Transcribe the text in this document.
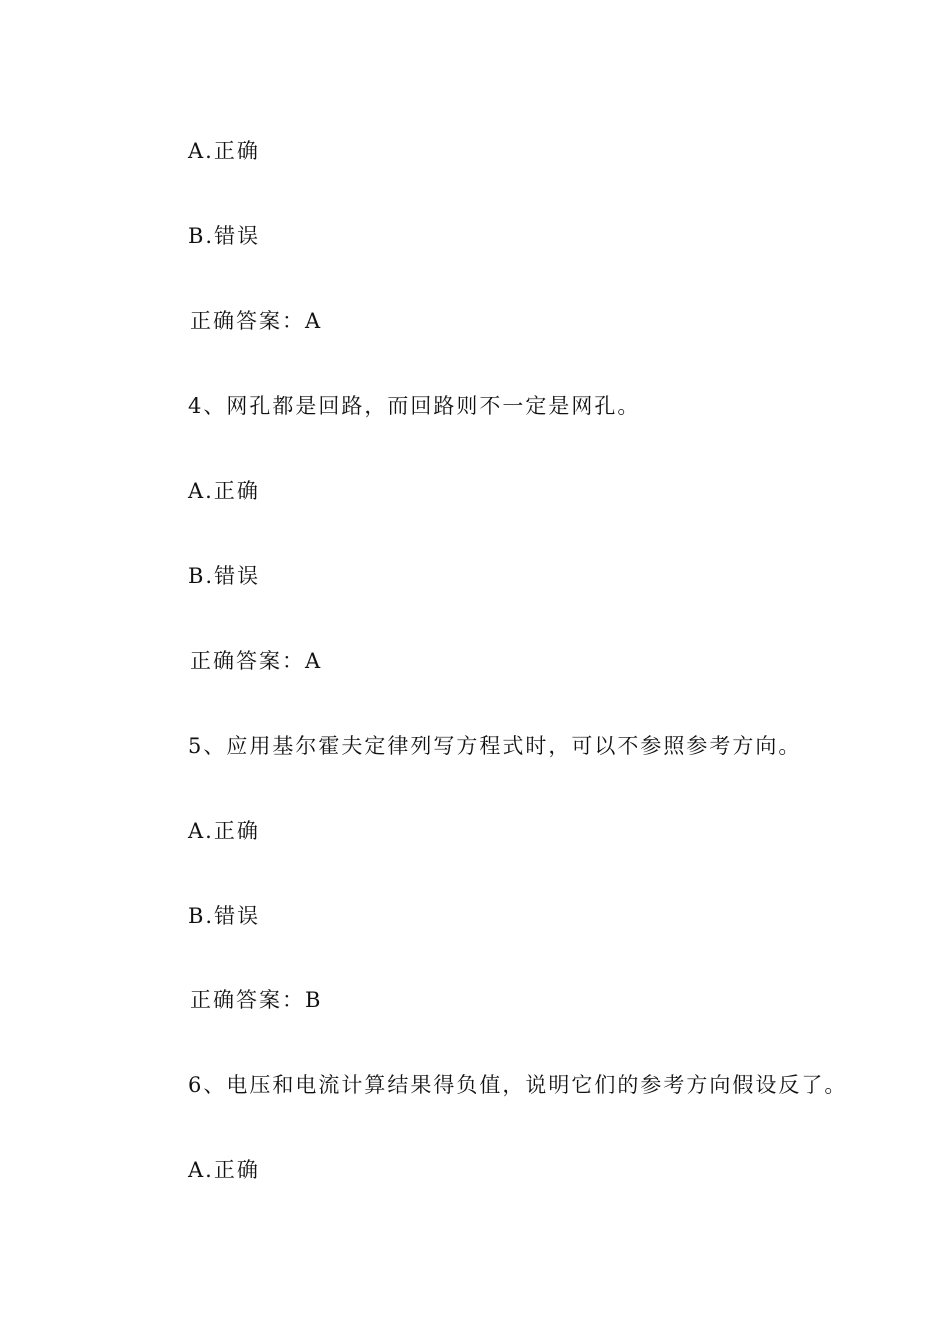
A.正确
B.错误
正确答案：A
4、网孔都是回路，而回路则不一定是网孔。
A.正确
B.错误
正确答案：A
5、应用基尔霍夫定律列写方程式时，可以不参照参考方向。
A.正确
B.错误
正确答案：B
6、电压和电流计算结果得负值，说明它们的参考方向假设反了。
A.正确
